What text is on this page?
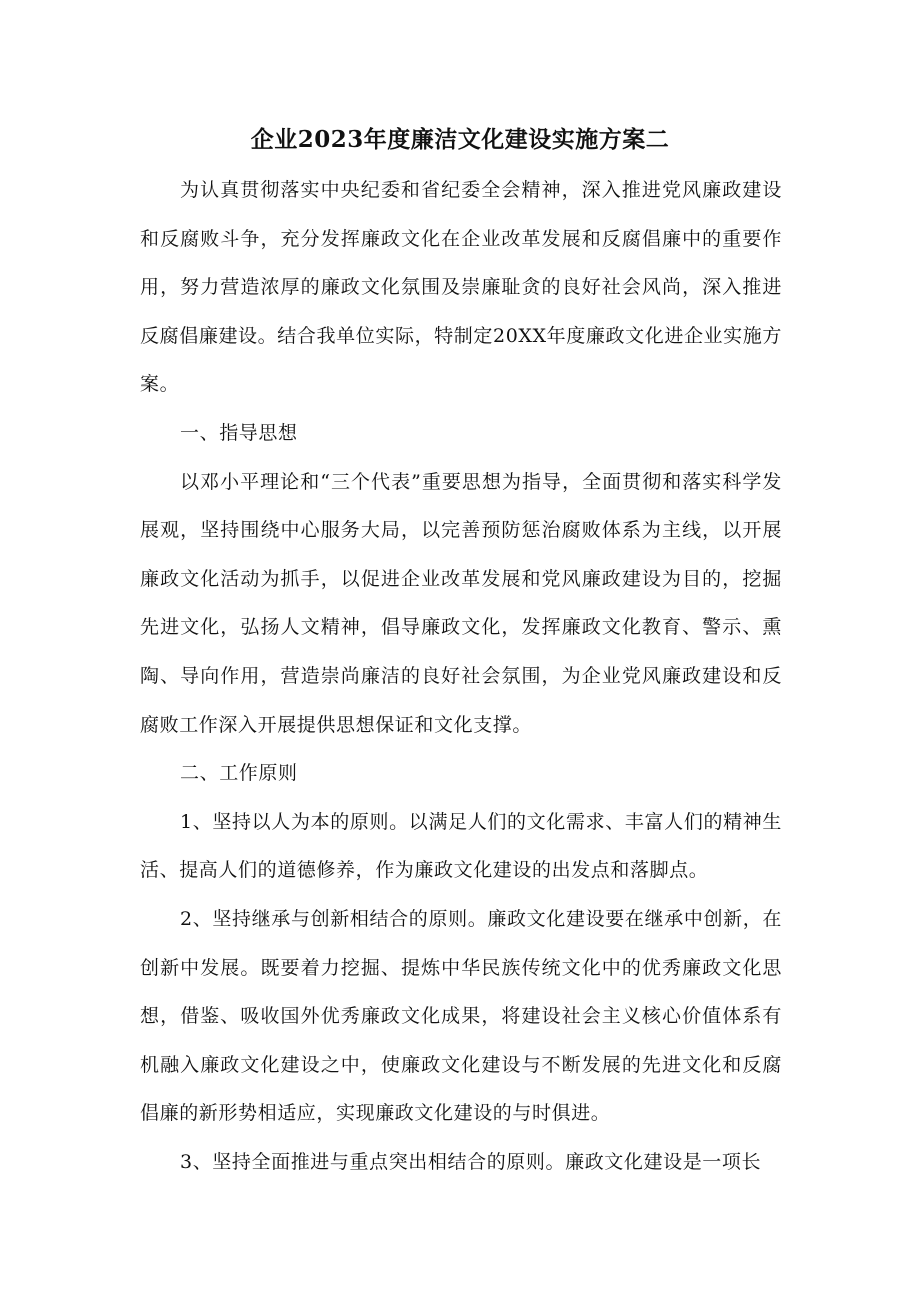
企业2023年度廉洁文化建设实施方案二

为认真贯彻落实中央纪委和省纪委全会精神，深入推进党风廉政建设和反腐败斗争，充分发挥廉政文化在企业改革发展和反腐倡廉中的重要作用，努力营造浓厚的廉政文化氛围及崇廉耻贪的良好社会风尚，深入推进反腐倡廉建设。结合我单位实际，特制定20XX年度廉政文化进企业实施方案。

一、指导思想

以邓小平理论和“三个代表”重要思想为指导，全面贯彻和落实科学发展观，坚持围绕中心服务大局，以完善预防惩治腐败体系为主线，以开展廉政文化活动为抓手，以促进企业改革发展和党风廉政建设为目的，挖掘先进文化，弘扬人文精神，倡导廉政文化，发挥廉政文化教育、警示、熏陶、导向作用，营造崇尚廉洁的良好社会氛围，为企业党风廉政建设和反腐败工作深入开展提供思想保证和文化支撑。

二、工作原则

1、坚持以人为本的原则。以满足人们的文化需求、丰富人们的精神生活、提高人们的道德修养，作为廉政文化建设的出发点和落脚点。

2、坚持继承与创新相结合的原则。廉政文化建设要在继承中创新，在创新中发展。既要着力挖掘、提炼中华民族传统文化中的优秀廉政文化思想，借鉴、吸收国外优秀廉政文化成果，将建设社会主义核心价值体系有机融入廉政文化建设之中，使廉政文化建设与不断发展的先进文化和反腐倡廉的新形势相适应，实现廉政文化建设的与时俱进。

3、坚持全面推进与重点突出相结合的原则。廉政文化建设是一项长
